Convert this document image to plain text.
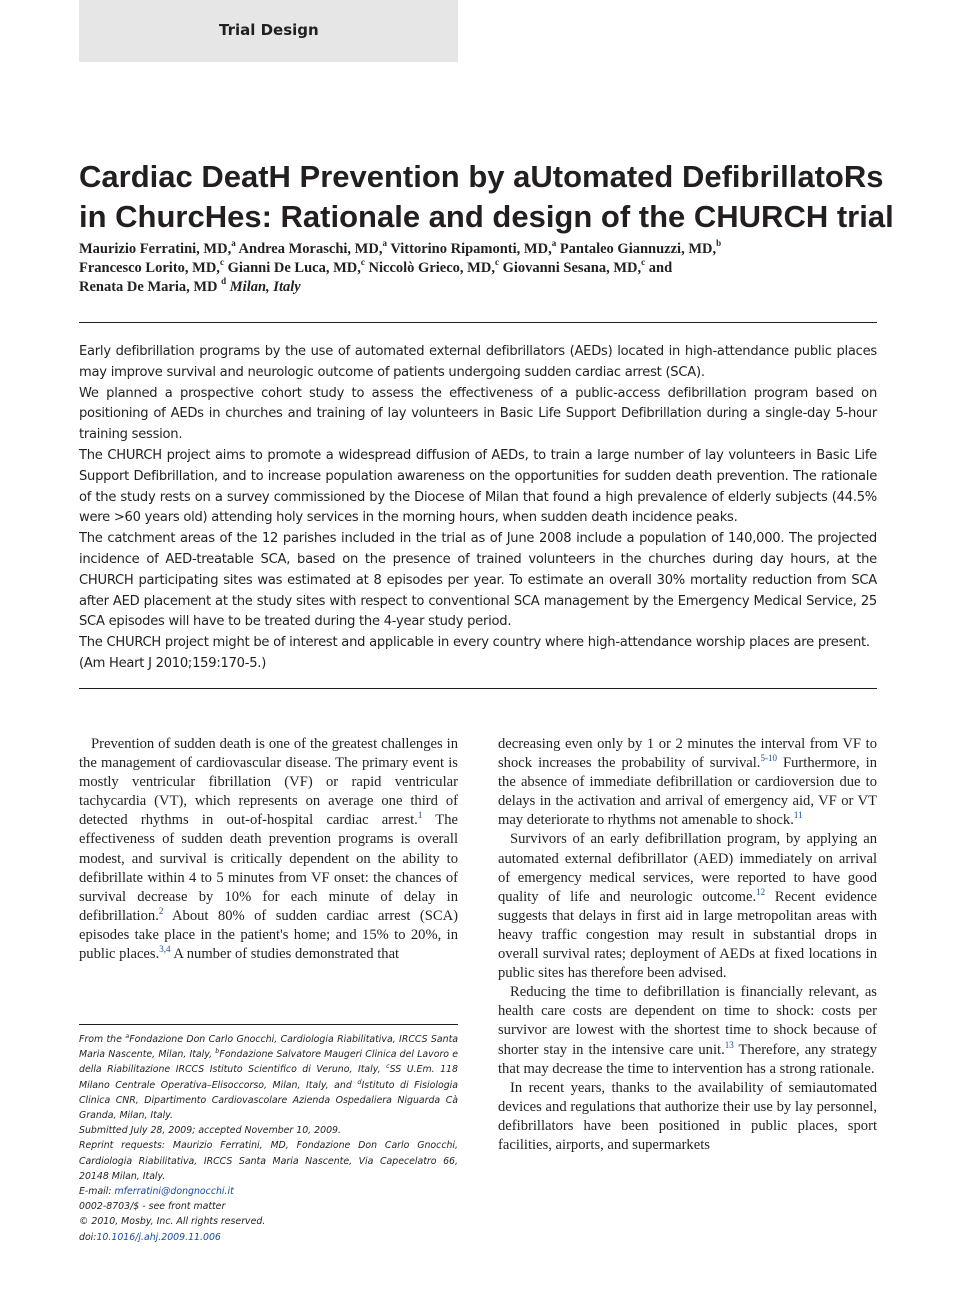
Trial Design
Cardiac DeatH Prevention by aUtomated DefibrillatoRs
in ChurcHes: Rationale and design of the CHURCH trial
Maurizio Ferratini, MD,$^a$ Andrea Moraschi, MD,$^a$ Vittorino Ripamonti, MD,$^a$ Pantaleo Giannuzzi, MD,$^b$
Francesco Lorito, MD,$^c$ Gianni De Luca, MD,$^c$ Niccolò Grieco, MD,$^c$ Giovanni Sesana, MD,$^c$ and
Renata De Maria, MD $^d$ Milan, Italy

Early defibrillation programs by the use of automated external defibrillators (AEDs) located in high-attendance public places may improve survival and neurologic outcome of patients undergoing sudden cardiac arrest (SCA).

We planned a prospective cohort study to assess the effectiveness of a public-access defibrillation program based on positioning of AEDs in churches and training of lay volunteers in Basic Life Support Defibrillation during a single-day 5-hour training session.

The CHURCH project aims to promote a widespread diffusion of AEDs, to train a large number of lay volunteers in Basic Life Support Defibrillation, and to increase population awareness on the opportunities for sudden death prevention. The rationale of the study rests on a survey commissioned by the Diocese of Milan that found a high prevalence of elderly subjects (44.5% were >60 years old) attending holy services in the morning hours, when sudden death incidence peaks.

The catchment areas of the 12 parishes included in the trial as of June 2008 include a population of 140,000. The projected incidence of AED-treatable SCA, based on the presence of trained volunteers in the churches during day hours, at the CHURCH participating sites was estimated at 8 episodes per year. To estimate an overall 30% mortality reduction from SCA after AED placement at the study sites with respect to conventional SCA management by the Emergency Medical Service, 25 SCA episodes will have to be treated during the 4-year study period.

The CHURCH project might be of interest and applicable in every country where high-attendance worship places are present.

(Am Heart J 2010;159:170-5.)

Prevention of sudden death is one of the greatest challenges in the management of cardiovascular disease. The primary event is mostly ventricular fibrillation (VF) or rapid ventricular tachycardia (VT), which represents on average one third of detected rhythms in out-of-hospital cardiac arrest.$^1$ The effectiveness of sudden death prevention programs is overall modest, and survival is critically dependent on the ability to defibrillate within 4 to 5 minutes from VF onset: the chances of survival decrease by 10% for each minute of delay in defibrillation.$^2$ About 80% of sudden cardiac arrest (SCA) episodes take place in the patient's home; and 15% to 20%, in public places.$^{3,4}$ A number of studies demonstrated that

decreasing even only by 1 or 2 minutes the interval from VF to shock increases the probability of survival.$^{5-10}$ Furthermore, in the absence of immediate defibrillation or cardioversion due to delays in the activation and arrival of emergency aid, VF or VT may deteriorate to rhythms not amenable to shock.$^{11}$

Survivors of an early defibrillation program, by applying an automated external defibrillator (AED) immediately on arrival of emergency medical services, were reported to have good quality of life and neurologic outcome.$^{12}$ Recent evidence suggests that delays in first aid in large metropolitan areas with heavy traffic congestion may result in substantial drops in overall survival rates; deployment of AEDs at fixed locations in public sites has therefore been advised.

Reducing the time to defibrillation is financially relevant, as health care costs are dependent on time to shock: costs per survivor are lowest with the shortest time to shock because of shorter stay in the intensive care unit.$^{13}$ Therefore, any strategy that may decrease the time to intervention has a strong rationale.

In recent years, thanks to the availability of semiautomated devices and regulations that authorize their use by lay personnel, defibrillators have been positioned in public places, sport facilities, airports, and supermarkets

From the $^a$Fondazione Don Carlo Gnocchi, Cardiologia Riabilitativa, IRCCS Santa Maria Nascente, Milan, Italy, $^b$Fondazione Salvatore Maugeri Clinica del Lavoro e della Riabilitazione IRCCS Istituto Scientifico di Veruno, Italy, $^c$SS U.Em. 118 Milano Centrale Operativa–Elisoccorso, Milan, Italy, and $^d$Istituto di Fisiologia Clinica CNR, Dipartimento Cardiovascolare Azienda Ospedaliera Niguarda Cà Granda, Milan, Italy.

Submitted July 28, 2009; accepted November 10, 2009.

Reprint requests: Maurizio Ferratini, MD, Fondazione Don Carlo Gnocchi, Cardiologia Riabilitativa, IRCCS Santa Maria Nascente, Via Capecelatro 66, 20148 Milan, Italy.

E-mail: mferratini@dongnocchi.it

0002-8703/$ - see front matter

© 2010, Mosby, Inc. All rights reserved.

doi:10.1016/j.ahj.2009.11.006
